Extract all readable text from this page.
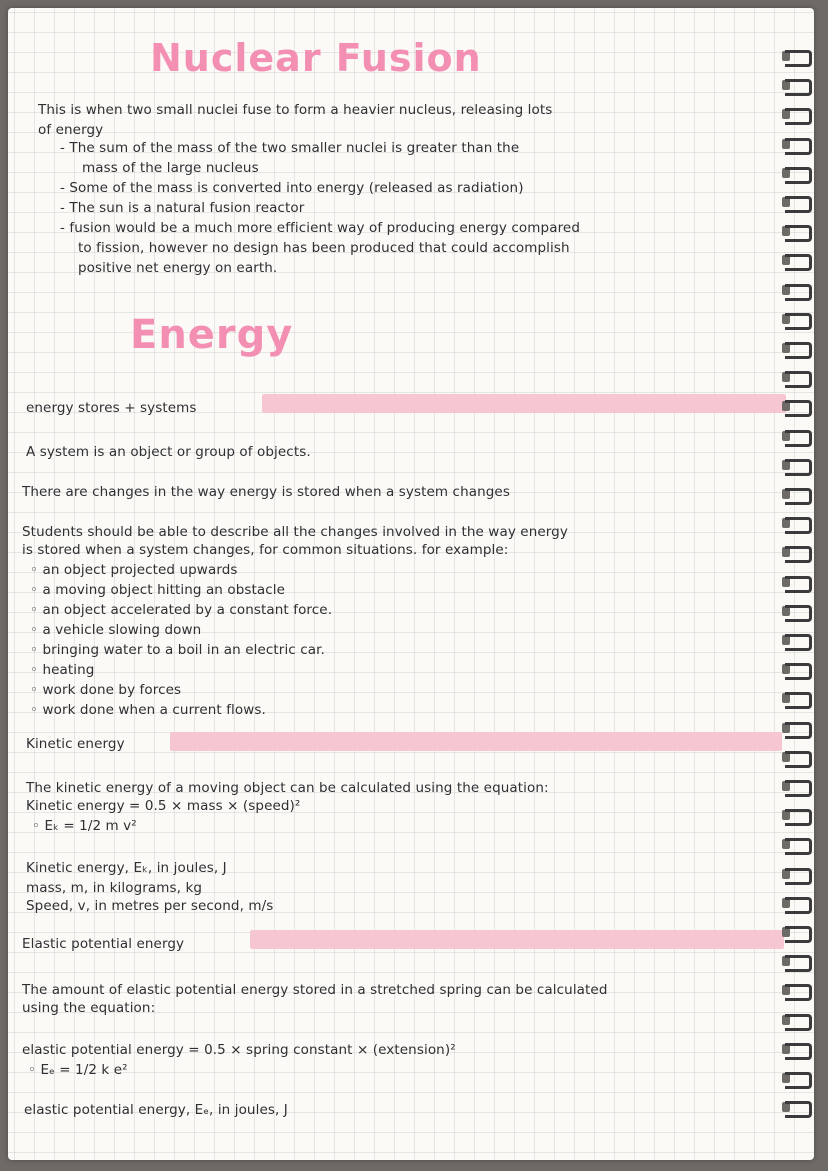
Nuclear Fusion

This is when two small nuclei fuse to form a heavier nucleus, releasing lots

of energy

- The sum of the mass of the two smaller nuclei is greater than the

mass of the large nucleus

- Some of the mass is converted into energy (released as radiation)

- The sun is a natural fusion reactor

- fusion would be a much more efficient way of producing energy compared

to fission, however no design has been produced that could accomplish

positive net energy on earth.

Energy

energy stores + systems

A system is an object or group of objects.

There are changes in the way energy is stored when a system changes

Students should be able to describe all the changes involved in the way energy

is stored when a system changes, for common situations. for example:

◦ an object projected upwards

◦ a moving object hitting an obstacle

◦ an object accelerated by a constant force.

◦ a vehicle slowing down

◦ bringing water to a boil in an electric car.

◦ heating

◦ work done by forces

◦ work done when a current flows.

Kinetic energy

The kinetic energy of a moving object can be calculated using the equation:

Kinetic energy = 0.5 × mass × (speed)²

◦ Eₖ = 1/2 m v²

Kinetic energy, Eₖ, in joules, J

mass, m, in kilograms, kg

Speed, v, in metres per second, m/s

Elastic potential energy

The amount of elastic potential energy stored in a stretched spring can be calculated

using the equation:

elastic potential energy = 0.5 × spring constant × (extension)²

◦ Eₑ = 1/2 k e²

elastic potential energy, Eₑ, in joules, J
